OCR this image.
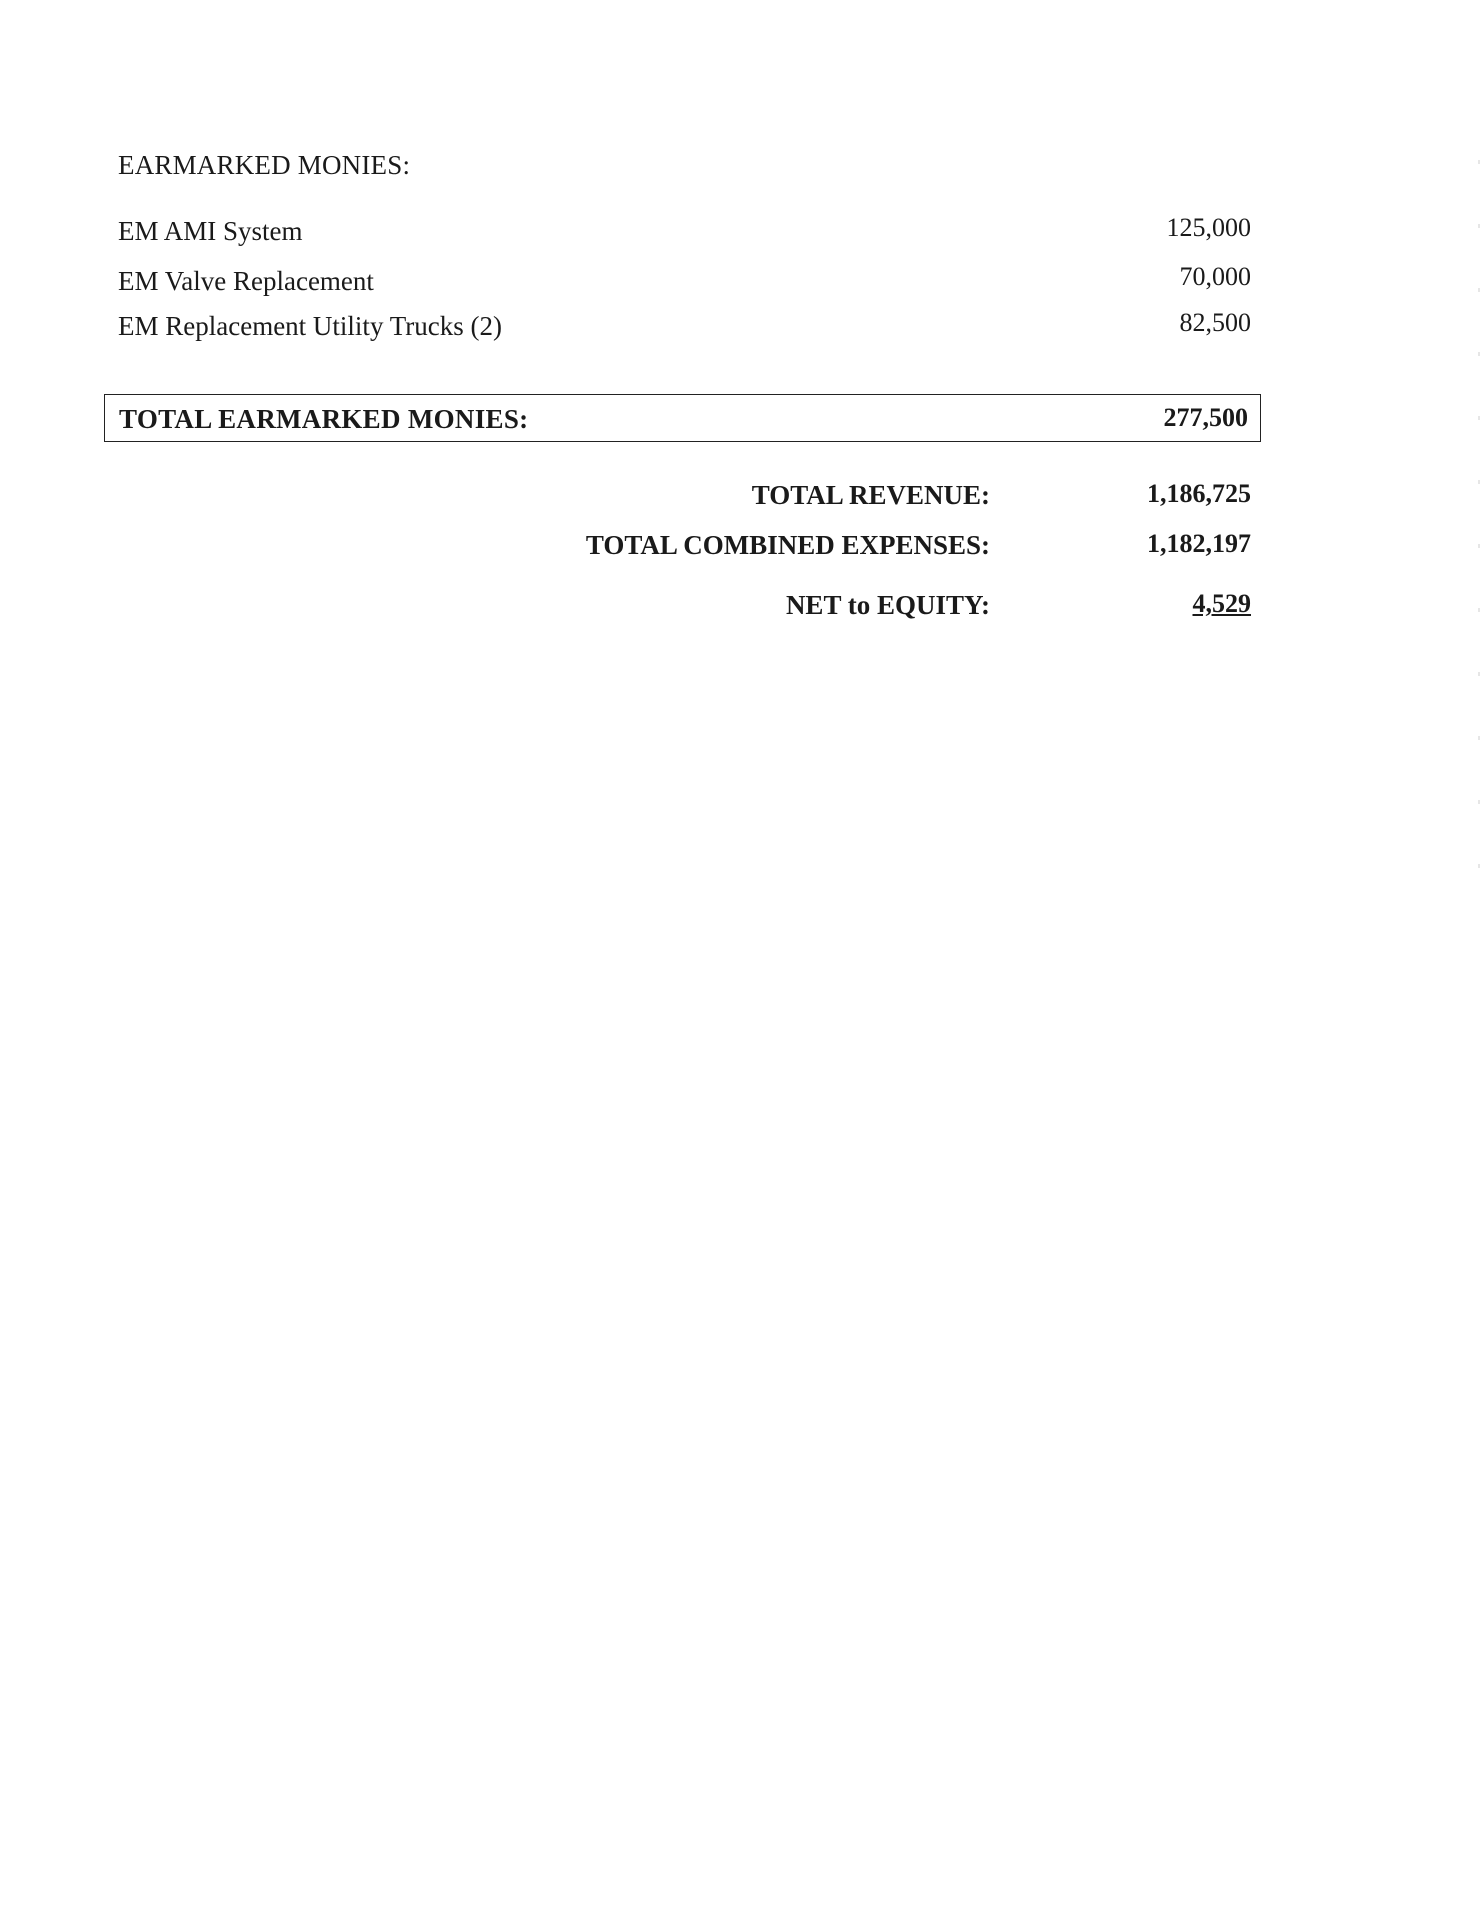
EARMARKED MONIES:
EM AMI System	125,000
EM Valve Replacement	70,000
EM Replacement Utility Trucks (2)	82,500
TOTAL EARMARKED MONIES:	277,500
TOTAL REVENUE:	1,186,725
TOTAL COMBINED EXPENSES:	1,182,197
NET to EQUITY:	4,529
